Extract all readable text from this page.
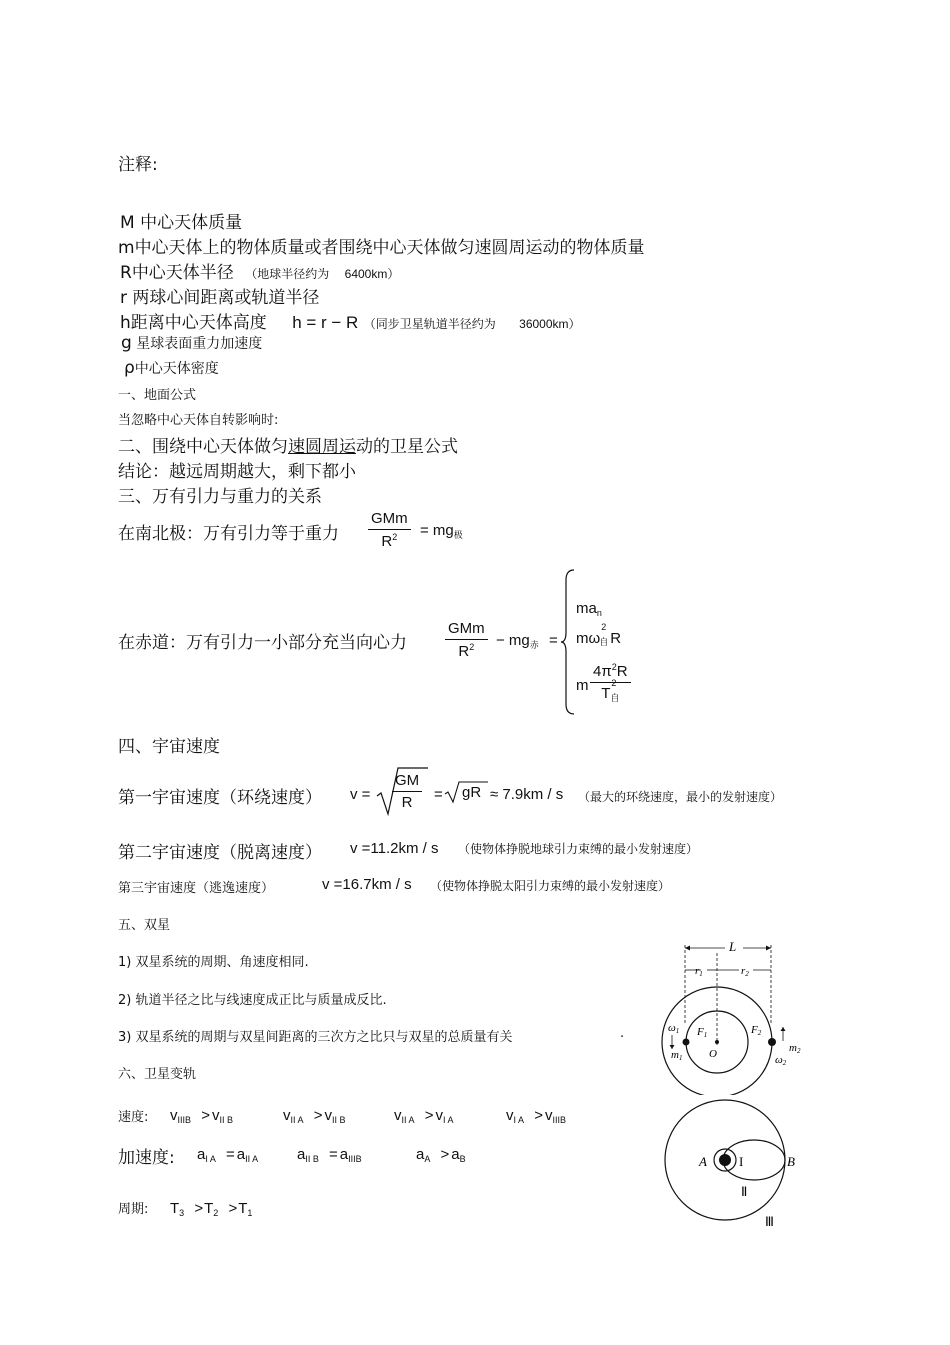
注释:
M 中心天体质量
m中心天体上的物体质量或者围绕中心天体做匀速圆周运动的物体质量
R中心天体半径 （地球半径约为 6400km）
r 两球心间距离或轨道半径
h距离中心天体高度 h = r − R （同步卫星轨道半径约为 36000km）
g 星球表面重力加速度
ρ中心天体密度
一、地面公式
当忽略中心天体自转影响时:
二、围绕中心天体做匀速圆周运动的卫星公式
结论：越远周期越大，剩下都小
三、万有引力与重力的关系
在南北极：万有引力等于重力
GMm
$R^2$	= $mg_极$
在赤道：万有引力一小部分充当向心力
GMm
$R^2$	− $mg_赤$ =
$ma_n$
mω
2
自 R
m
$4\pi^2R$
T
2
自
四、宇宙速度
第一宇宙速度（环绕速度） v =
GM
R	= gR ≈ 7.9km / s （最大的环绕速度，最小的发射速度）
第二宇宙速度（脱离速度） v =11.2km / s （使物体挣脱地球引力束缚的最小发射速度）
第三宇宙速度（逃逸速度）	v =16.7km / s （使物体挣脱太阳引力束缚的最小发射速度）
五、双星
1) 双星系统的周期、角速度相同.
2) 轨道半径之比与线速度成正比与质量成反比.
3) 双星系统的周期与双星间距离的三次方之比只与双星的总质量有关	.
L
r1	r2
ω1 F1	F2
m1 O	m2
ω2
六、卫星变轨
速度: $v_{IIIB} > v_{II B}$	$v_{II A} > v_{II B}$	$v_{II A} > v_{I A}$	$v_{I A} > v_{IIIB}$
加速度: $a_{I A} = a_{II A}$	$a_{II B} = a_{IIIB}$	$a_A > a_B$
周期: $T_3 >T_2 >T_1$
A I	B
Ⅱ
Ⅲ
